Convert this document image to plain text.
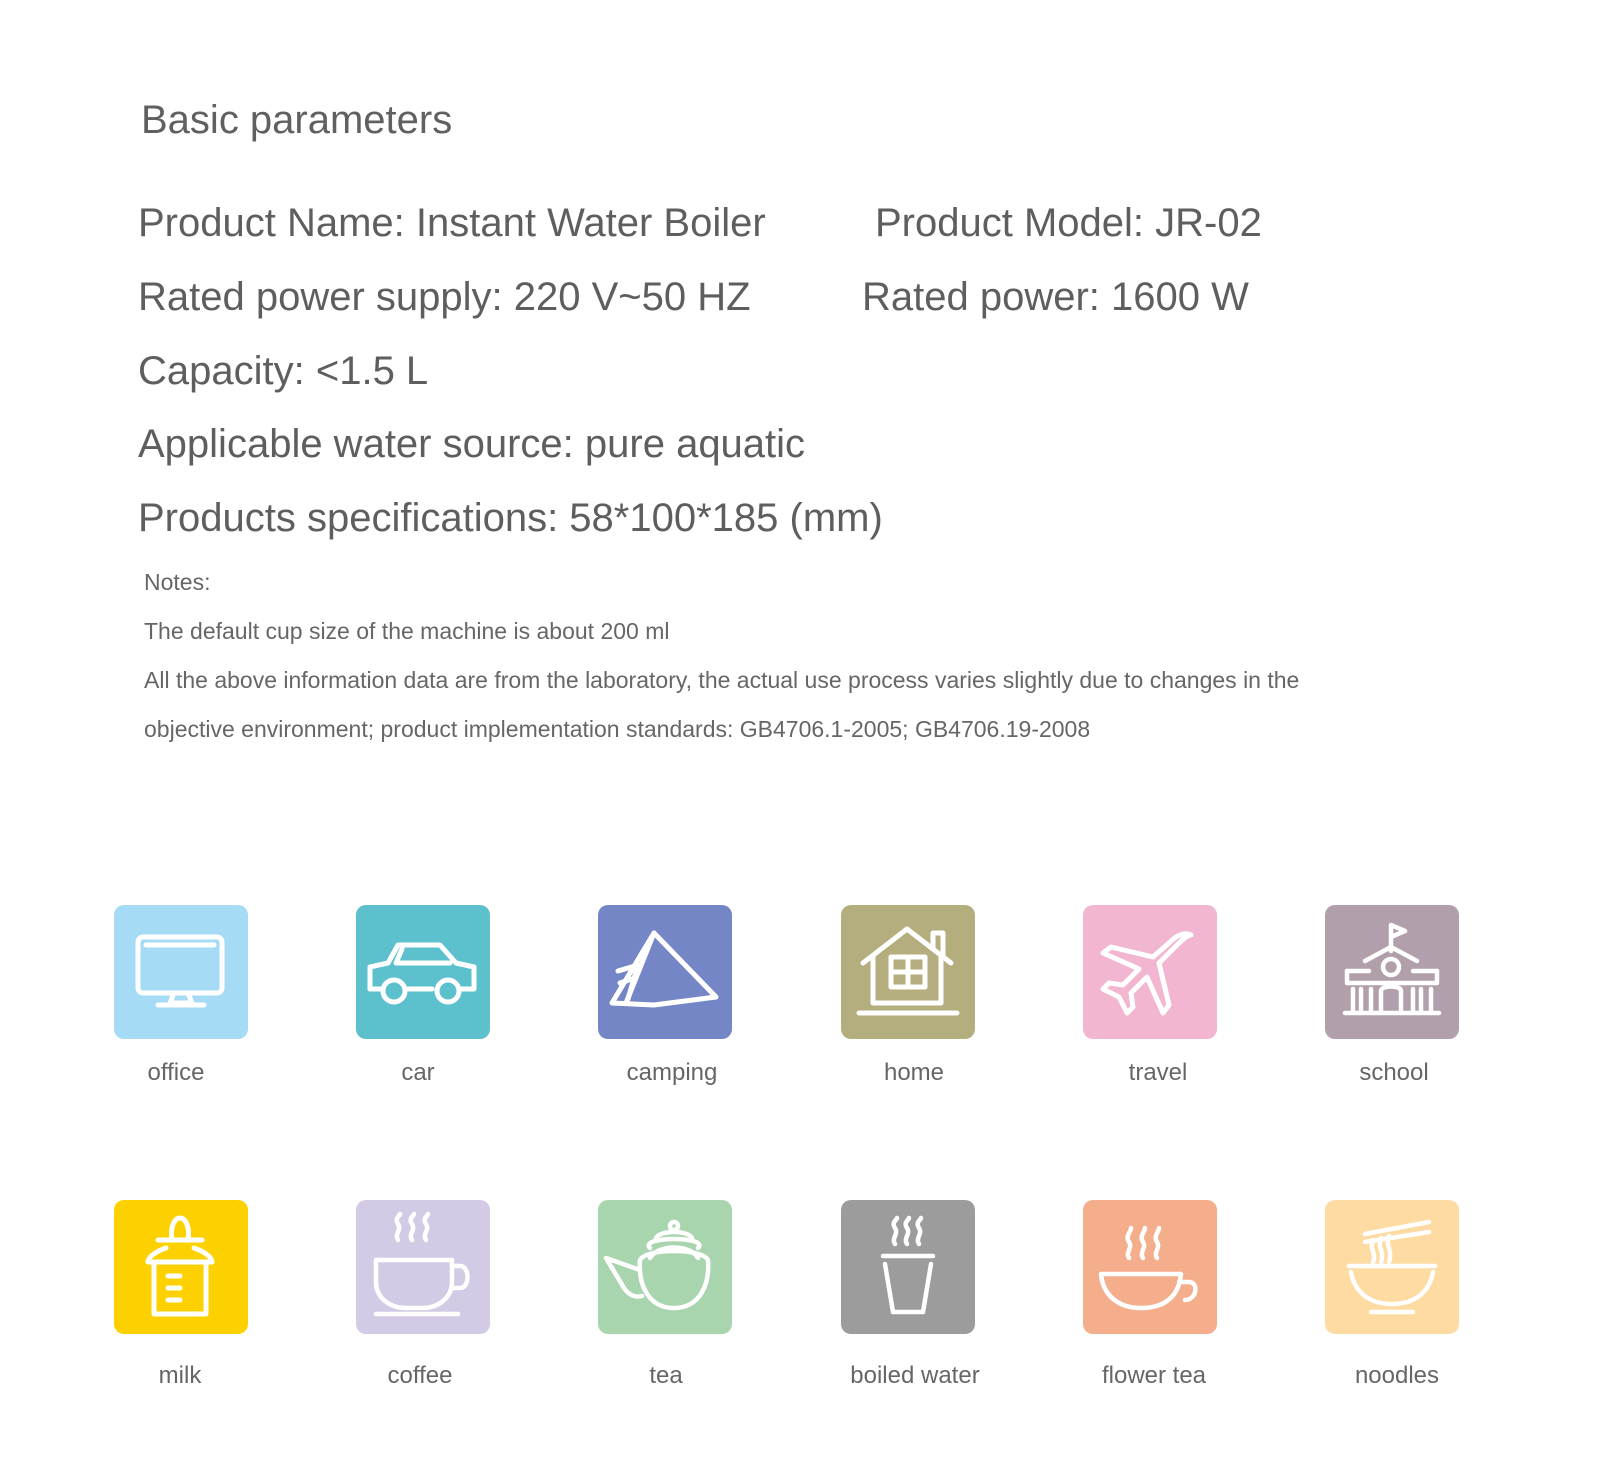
Basic parameters
Product Name: Instant Water Boiler	Product Model: JR-02
Rated power supply: 220 V~50 HZ	Rated power: 1600 W
Capacity: <1.5 L
Applicable water source: pure aquatic
Products specifications: 58*100*185 (mm)
Notes:
The default cup size of the machine is about 200 ml
All the above information data are from the laboratory, the actual use process varies slightly due to changes in the
objective environment; product implementation standards: GB4706.1-2005; GB4706.19-2008
office	car	camping	home	travel	school
milk	coffee	tea	boiled water	flower tea	noodles
